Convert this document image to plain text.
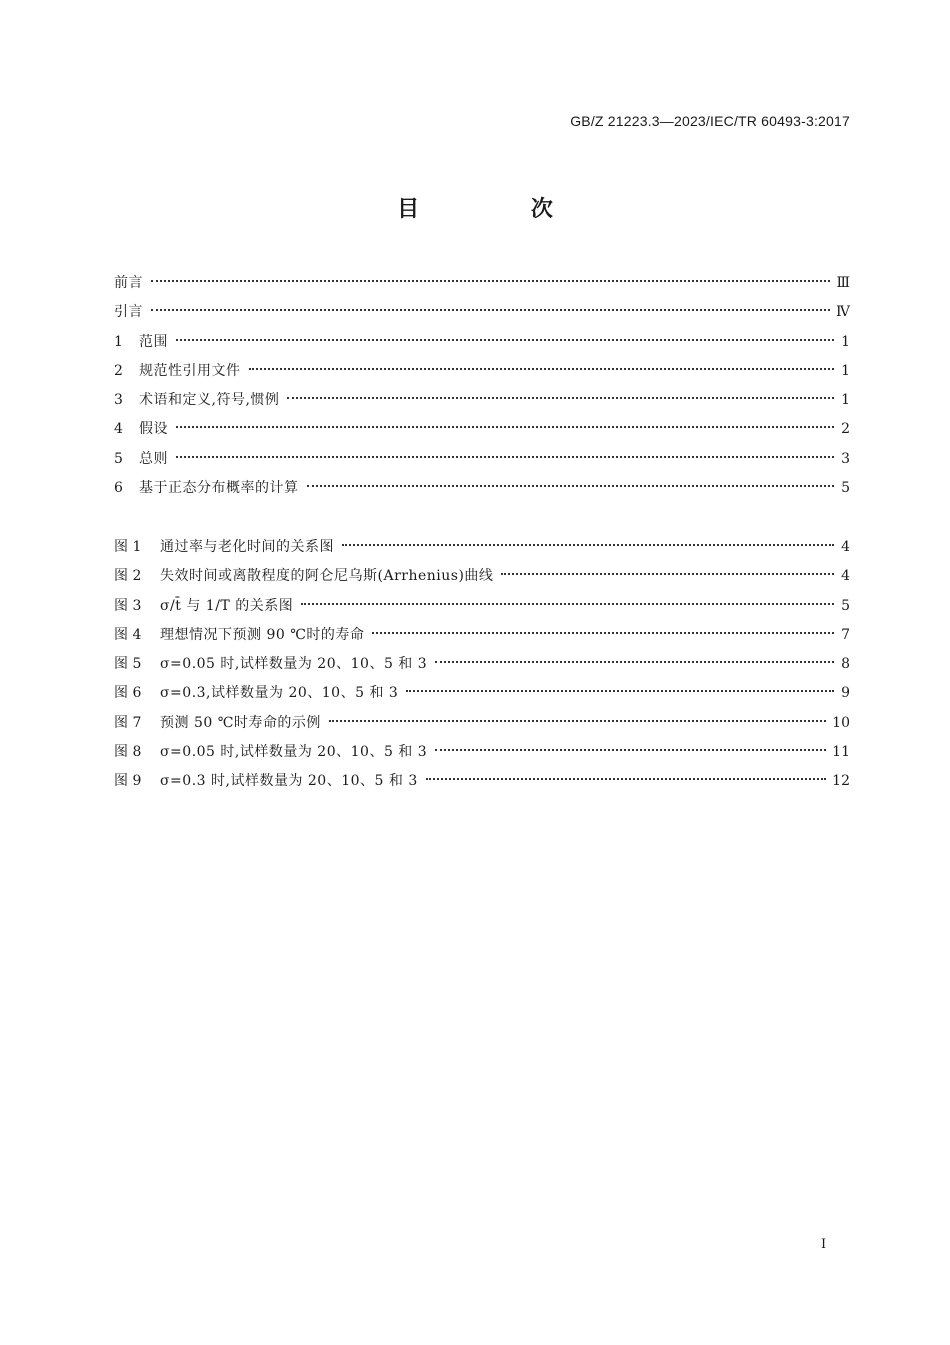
GB/Z 21223.3—2023/IEC/TR 60493-3:2017
目 次
前言	Ⅲ
引言	Ⅳ
1	范围	1
2	规范性引用文件	1
3	术语和定义,符号,惯例	1
4	假设	2
5	总则	3
6	基于正态分布概率的计算	5
图 1	通过率与老化时间的关系图	4
图 2	失效时间或离散程度的阿仑尼乌斯(Arrhenius)曲线	4
图 3	σ/t̄ 与 1/T 的关系图	5
图 4	理想情况下预测 90 ℃时的寿命	7
图 5	σ=0.05 时,试样数量为 20、10、5 和 3	8
图 6	σ=0.3,试样数量为 20、10、5 和 3	9
图 7	预测 50 ℃时寿命的示例	10
图 8	σ=0.05 时,试样数量为 20、10、5 和 3	11
图 9	σ=0.3 时,试样数量为 20、10、5 和 3	12
I
